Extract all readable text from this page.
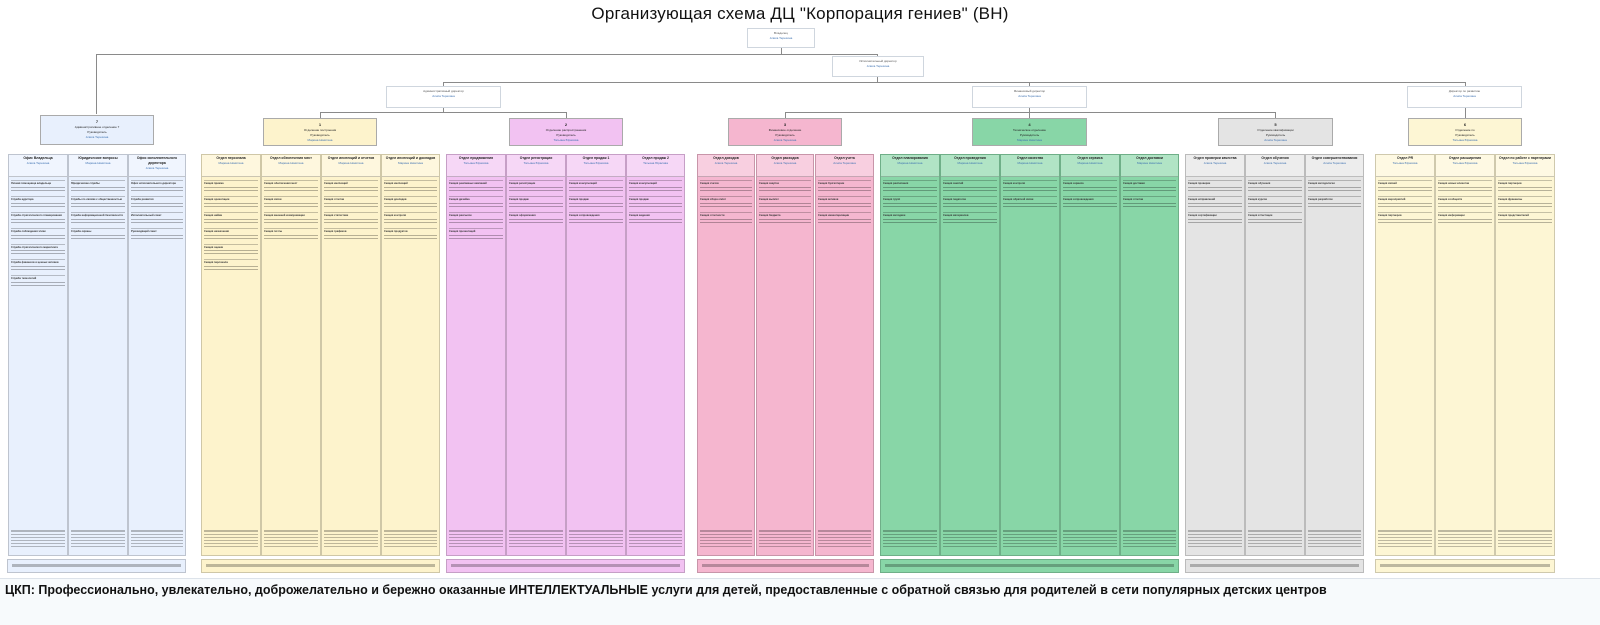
Организующая схема ДЦ "Корпорация гениев" (ВН)
Владелец
Алиса Терехина
Исполнительный директор
Алиса Терехина
Административный директор
Алиса Терехина
Финансовый директор
Алиса Терехина
Директор по развитию
Алиса Терехина
7
Административное отделение 7
Руководитель
Алиса Терехина
1
Отделение построения
Руководитель
Марина Никитина
2
Отделение распространения
Руководитель
Татьяна Юрасова
3
Финансовое отделение
Руководитель
Алиса Терехина
4
Техническое отделение
Руководитель
Марина Никитина
5
Отделение квалификации
Руководитель
Алиса Терехина
6
Отделение по
Руководитель
Татьяна Юрасова
Офис Владельца
Алиса Терехина
Личная помощница владельца
Служба аудитора
Служба стратегического планирования
Служба соблюдения этики
Служба стратегического маркетинга
Служба финансов и ценных активов
Служба технологий
Юридические вопросы
Марина Никитина
Юридические службы
Службы по связям с общественностью
Служба информационной безопасности
Служба охраны
Офис исполнительного директора
Алиса Терехина
Офис исполнительного директора
Служба развития
Исполнительный совет
Руководящий совет
Отдел персонала
Марина Никитина
Секция приема
Секция ориентации
Секция найма
Секция назначения
Секция оценки
Секция персонала
Отдел обеспечения мест
Марина Никитина
Секция обеспечения мест
Секция связи
Секция внешней коммуникации
Секция почты
Отдел инспекций и отчетов
Марина Никитина
Секция инспекций
Секция отчетов
Секция статистики
Секция графиков
Отдел инспекций и докладов
Марина Никитина
Секция инспекций
Секция докладов
Секция контроля
Секция продуктов
Отдел продвижения
Татьяна Юрасова
Секция рекламных кампаний
Секция дизайна
Секция рассылок
Секция презентаций
Отдел регистрации
Татьяна Юрасова
Секция регистрации
Секция продаж
Секция оформления
Отдел продаж 1
Татьяна Юрасова
Секция консультаций
Секция продаж
Секция сопровождения
Отдел продаж 2
Татьяна Юрасова
Секция консультаций
Секция продаж
Секция ведения
Отдел доходов
Алиса Терехина
Секция счетов
Секция сбора оплат
Секция отчетности
Отдел расходов
Алиса Терехина
Секция закупок
Секция выплат
Секция бюджета
Отдел учета
Алиса Терехина
Секция бухгалтерии
Секция активов
Секция инвентаризации
Отдел планирования
Марина Никитина
Секция расписания
Секция групп
Секция методики
Отдел проведения
Марина Никитина
Секция занятий
Секция педагогов
Секция материалов
Отдел качества
Марина Никитина
Секция контроля
Секция обратной связи
Отдел сервиса
Марина Никитина
Секция сервиса
Секция сопровождения
Отдел доставки
Марина Никитина
Секция доставки
Секция отчетов
Отдел проверки качества
Алиса Терехина
Секция проверки
Секция исправлений
Секция сертификации
Отдел обучения
Алиса Терехина
Секция обучения
Секция курсов
Секция аттестации
Отдел совершенствования
Алиса Терехина
Секция методологии
Секция разработок
Отдел PR
Татьяна Юрасова
Секция связей
Секция мероприятий
Секция партнеров
Отдел расширения
Татьяна Юрасова
Секция новых клиентов
Секция сообществ
Секция информации
Отдел по работе с партнерами
Татьяна Юрасова
Секция партнеров
Секция франшизы
Секция представителей
ЦКП: Профессионально, увлекательно, доброжелательно и бережно оказанные ИНТЕЛЛЕКТУАЛЬНЫЕ услуги для детей, предоставленные с обратной связью для родителей в сети популярных детских центров
